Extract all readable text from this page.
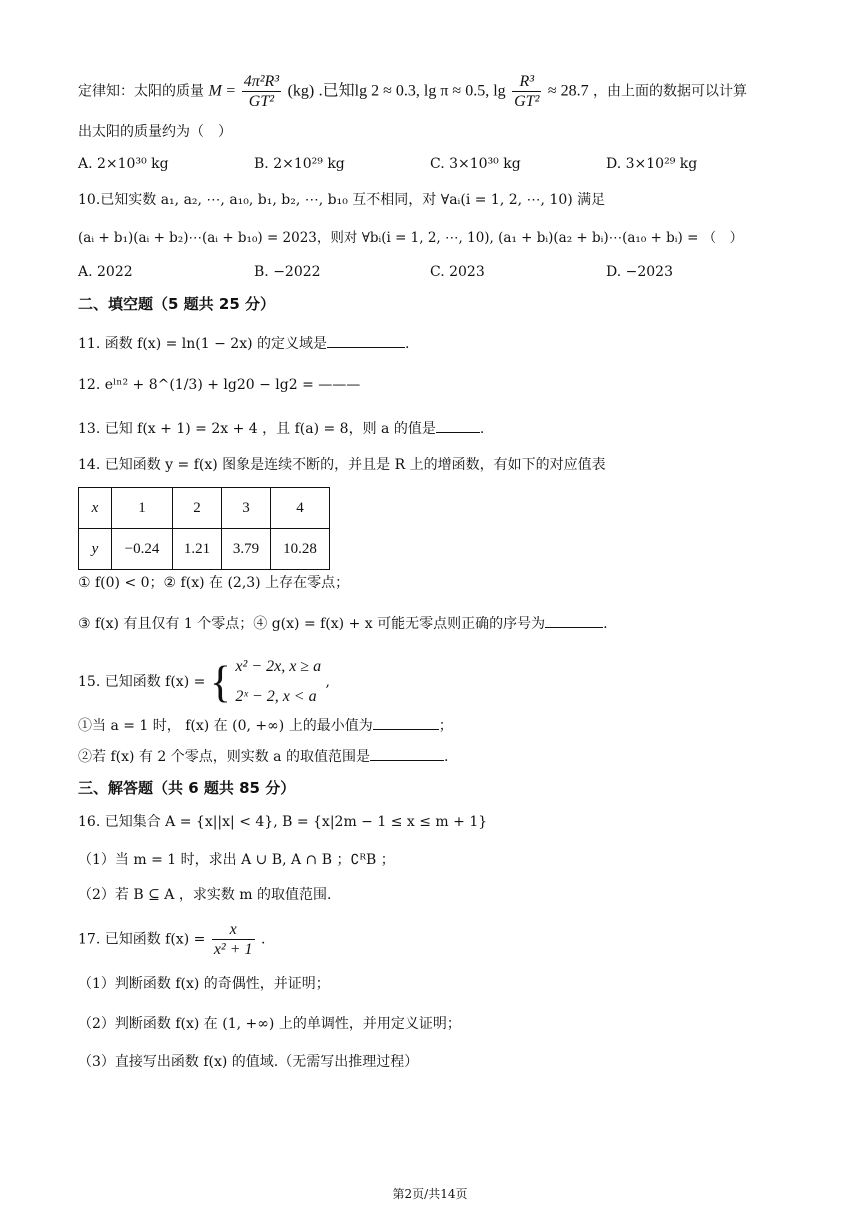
定律知：太阳的质量 $M = \frac{\text{4π²R³}}{\text{GT²}} (kg)$ .已知lg 2 ≈ 0.3, lg π ≈ 0.5, $\lg \frac{\text{R³}}{\text{GT²}} \approx 28.7$ ，由上面的数据可以计算
出太阳的质量约为（　）
A. 2×10³⁰ kg	B. 2×10²⁹ kg	C. 3×10³⁰ kg	D. 3×10²⁹ kg
10.已知实数 a₁, a₂, ⋯, a₁₀, b₁, b₂, ⋯, b₁₀ 互不相同，对 ∀aᵢ(i = 1, 2, ⋯, 10) 满足
(aᵢ + b₁)(aᵢ + b₂)⋯(aᵢ + b₁₀) = 2023，则对 ∀bᵢ(i = 1, 2, ⋯, 10), (a₁ + bᵢ)(a₂ + bᵢ)⋯(a₁₀ + bᵢ) = （　）
A. 2022	B. −2022	C. 2023	D. −2023
二、填空题（5 题共 25 分）
11. 函数 f(x) = ln(1 − 2x) 的定义域是	.
12. eˡⁿ² + 8^(1/3) + lg20 − lg2 = ———
13. 已知 f(x + 1) = 2x + 4 ，且 f(a) = 8，则 a 的值是	.
14. 已知函数 y = f(x) 图象是连续不断的，并且是 R 上的增函数，有如下的对应值表
x	1	2	3	4
y	−0.24	1.21	3.79	10.28
① f(0) < 0；② f(x) 在 (2,3) 上存在零点；
③ f(x) 有且仅有 1 个零点；④ g(x) = f(x) + x 可能无零点则正确的序号为	.
15. 已知函数 f(x) = { x² − 2x, x ≥ a
2ˣ − 2, x < a
,
①当 a = 1 时， f(x) 在 (0, +∞) 上的最小值为	；
②若 f(x) 有 2 个零点，则实数 a 的取值范围是	.
三、解答题（共 6 题共 85 分）
16. 已知集合 A = {x||x| < 4}, B = {x|2m − 1 ≤ x ≤ m + 1}
（1）当 m = 1 时，求出 A ∪ B, A ∩ B ；∁ᴿB ；
（2）若 B ⊆ A ，求实数 m 的取值范围.
17. 已知函数 $f(x) = \frac{x}{\text{x² + 1}}$ .
（1）判断函数 f(x) 的奇偶性，并证明；
（2）判断函数 f(x) 在 (1, +∞) 上的单调性，并用定义证明；
（3）直接写出函数 f(x) 的值域.（无需写出推理过程）
第2页/共14页
